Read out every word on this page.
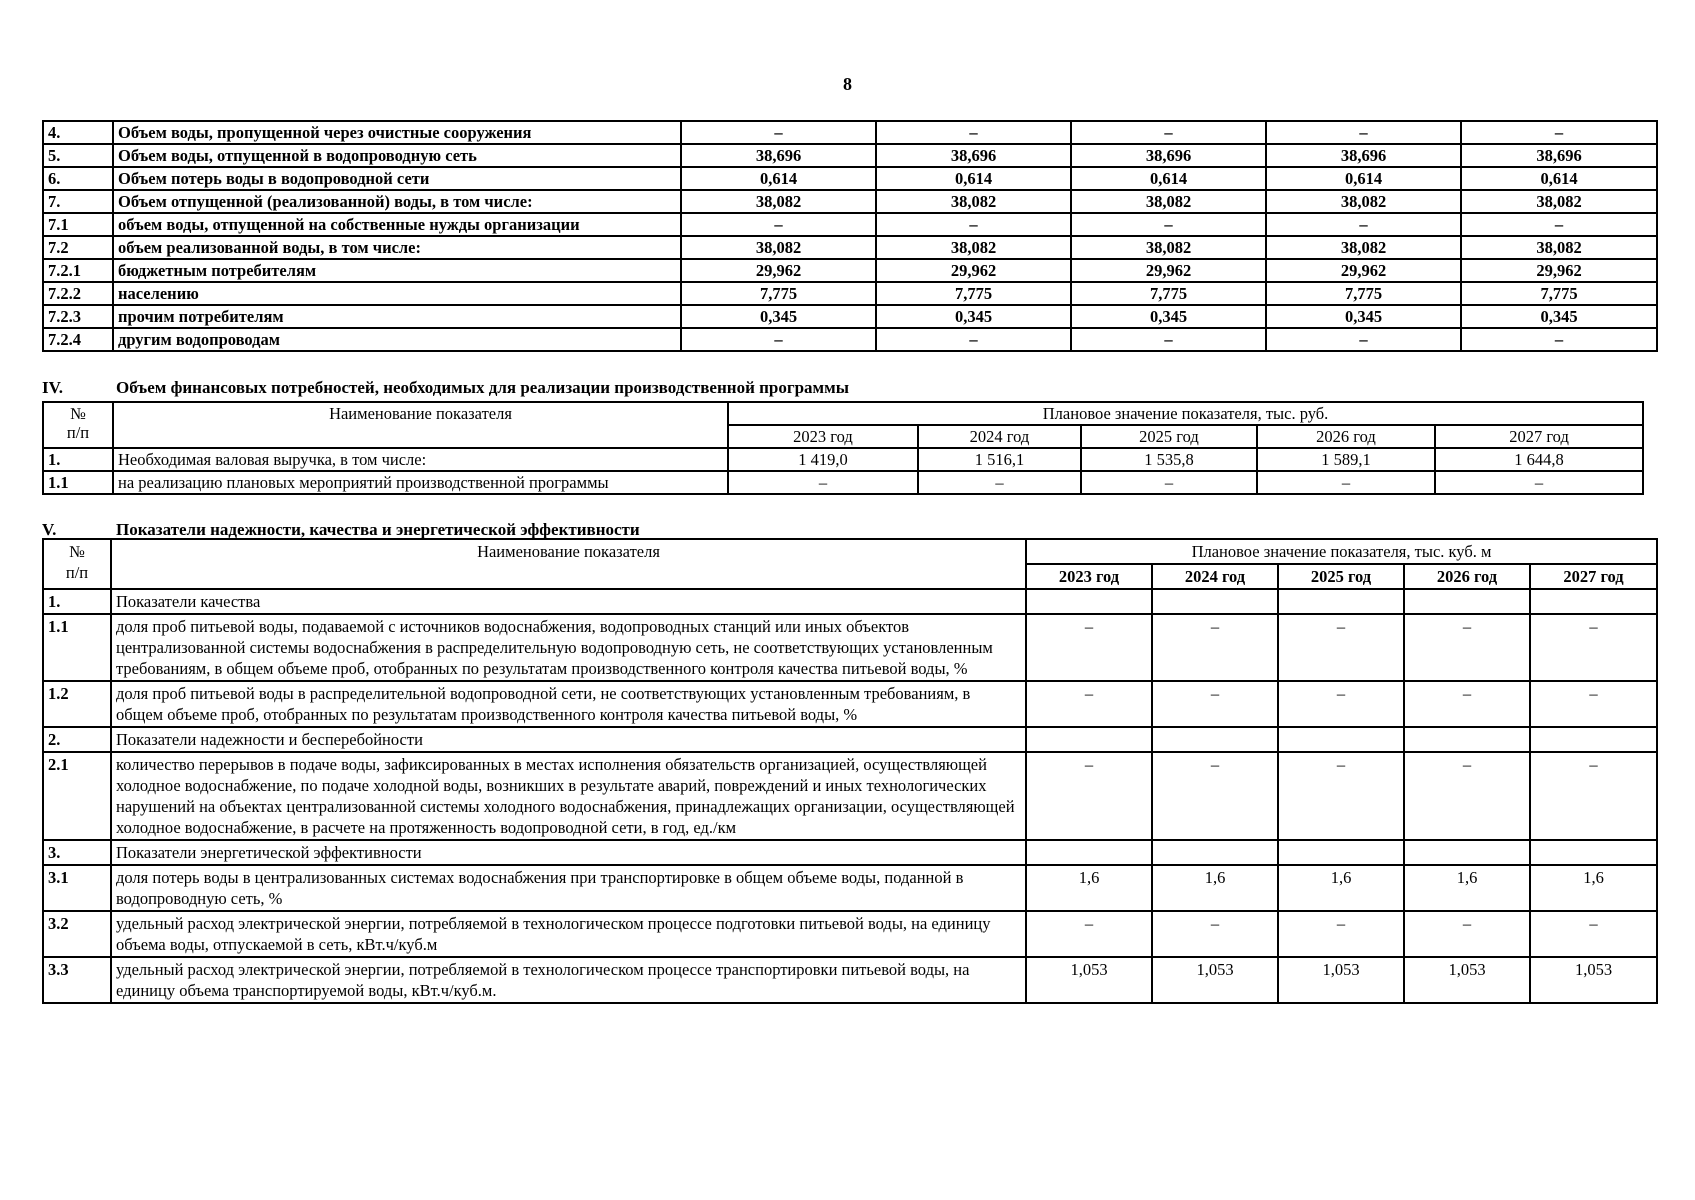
8
4.	Объем воды, пропущенной через очистные сооружения	–	–	–	–	–
5.	Объем воды, отпущенной в водопроводную сеть	38,696	38,696	38,696	38,696	38,696
6.	Объем потерь воды в водопроводной сети	0,614	0,614	0,614	0,614	0,614
7.	Объем отпущенной (реализованной) воды, в том числе:	38,082	38,082	38,082	38,082	38,082
7.1	объем воды, отпущенной на собственные нужды организации	–	–	–	–	–
7.2	объем реализованной воды, в том числе:	38,082	38,082	38,082	38,082	38,082
7.2.1	бюджетным потребителям	29,962	29,962	29,962	29,962	29,962
7.2.2	населению	7,775	7,775	7,775	7,775	7,775
7.2.3	прочим потребителям	0,345	0,345	0,345	0,345	0,345
7.2.4	другим водопроводам	–	–	–	–	–
IV.	Объем финансовых потребностей, необходимых для реализации производственной программы
№
п/п	Наименование показателя	Плановое значение показателя, тыс. руб.				
		2023 год	2024 год	2025 год	2026 год	2027 год
1.	Необходимая валовая выручка, в том числе:	1 419,0	1 516,1	1 535,8	1 589,1	1 644,8
1.1	на реализацию плановых мероприятий производственной программы	–	–	–	–	–
V.	Показатели надежности, качества и энергетической эффективности
№
п/п	Наименование показателя	Плановое значение показателя, тыс. куб. м				
		2023 год	2024 год	2025 год	2026 год	2027 год
1.	Показатели качества					
1.1	доля проб питьевой воды, подаваемой с источников водоснабжения, водопроводных станций или иных объектов централизованной системы водоснабжения в распределительную водопроводную сеть, не соответствующих установленным требованиям, в общем объеме проб, отобранных по результатам производственного контроля качества питьевой воды, %	–	–	–	–	–
1.2	доля проб питьевой воды в распределительной водопроводной сети, не соответствующих установленным требованиям, в общем объеме проб, отобранных по результатам производственного контроля качества питьевой воды, %	–	–	–	–	–
2.	Показатели надежности и бесперебойности					
2.1	количество перерывов в подаче воды, зафиксированных в местах исполнения обязательств организацией, осуществляющей холодное водоснабжение, по подаче холодной воды, возникших в результате аварий, повреждений и иных технологических нарушений на объектах централизованной системы холодного водоснабжения, принадлежащих организации, осуществляющей холодное водоснабжение, в расчете на протяженность водопроводной сети, в год, ед./км	–	–	–	–	–
3.	Показатели энергетической эффективности					
3.1	доля потерь воды в централизованных системах водоснабжения при транспортировке в общем объеме воды, поданной в водопроводную сеть, %	1,6	1,6	1,6	1,6	1,6
3.2	удельный расход электрической энергии, потребляемой в технологическом процессе подготовки питьевой воды, на единицу объема воды, отпускаемой в сеть, кВт.ч/куб.м	–	–	–	–	–
3.3	удельный расход электрической энергии, потребляемой в технологическом процессе транспортировки питьевой воды, на единицу объема транспортируемой воды, кВт.ч/куб.м.	1,053	1,053	1,053	1,053	1,053
